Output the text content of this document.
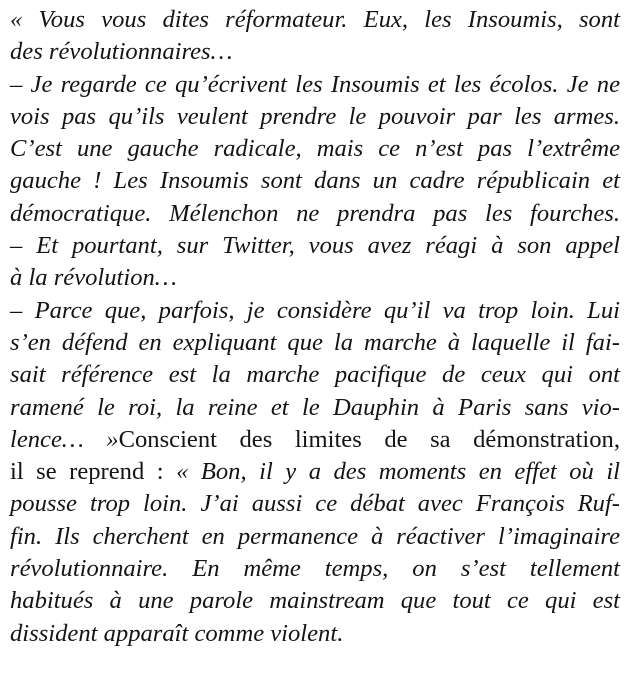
« Vous vous dites réformateur. Eux, les Insoumis, sont
des révolutionnaires…
– Je regarde ce qu’écrivent les Insoumis et les écolos. Je ne
vois pas qu’ils veulent prendre le pouvoir par les armes.
C’est une gauche radicale, mais ce n’est pas l’extrême
gauche ! Les Insoumis sont dans un cadre républicain et
démocratique. Mélenchon ne prendra pas les fourches.
– Et pourtant, sur Twitter, vous avez réagi à son appel
à la révolution…
– Parce que, parfois, je considère qu’il va trop loin. Lui
s’en défend en expliquant que la marche à laquelle il fai-
sait référence est la marche pacifique de ceux qui ont
ramené le roi, la reine et le Dauphin à Paris sans vio-
lence… »Conscient des limites de sa démonstration,
il se reprend : « Bon, il y a des moments en effet où il
pousse trop loin. J’ai aussi ce débat avec François Ruf-
fin. Ils cherchent en permanence à réactiver l’imaginaire
révolutionnaire. En même temps, on s’est tellement
habitués à une parole mainstream que tout ce qui est
dissident apparaît comme violent.
